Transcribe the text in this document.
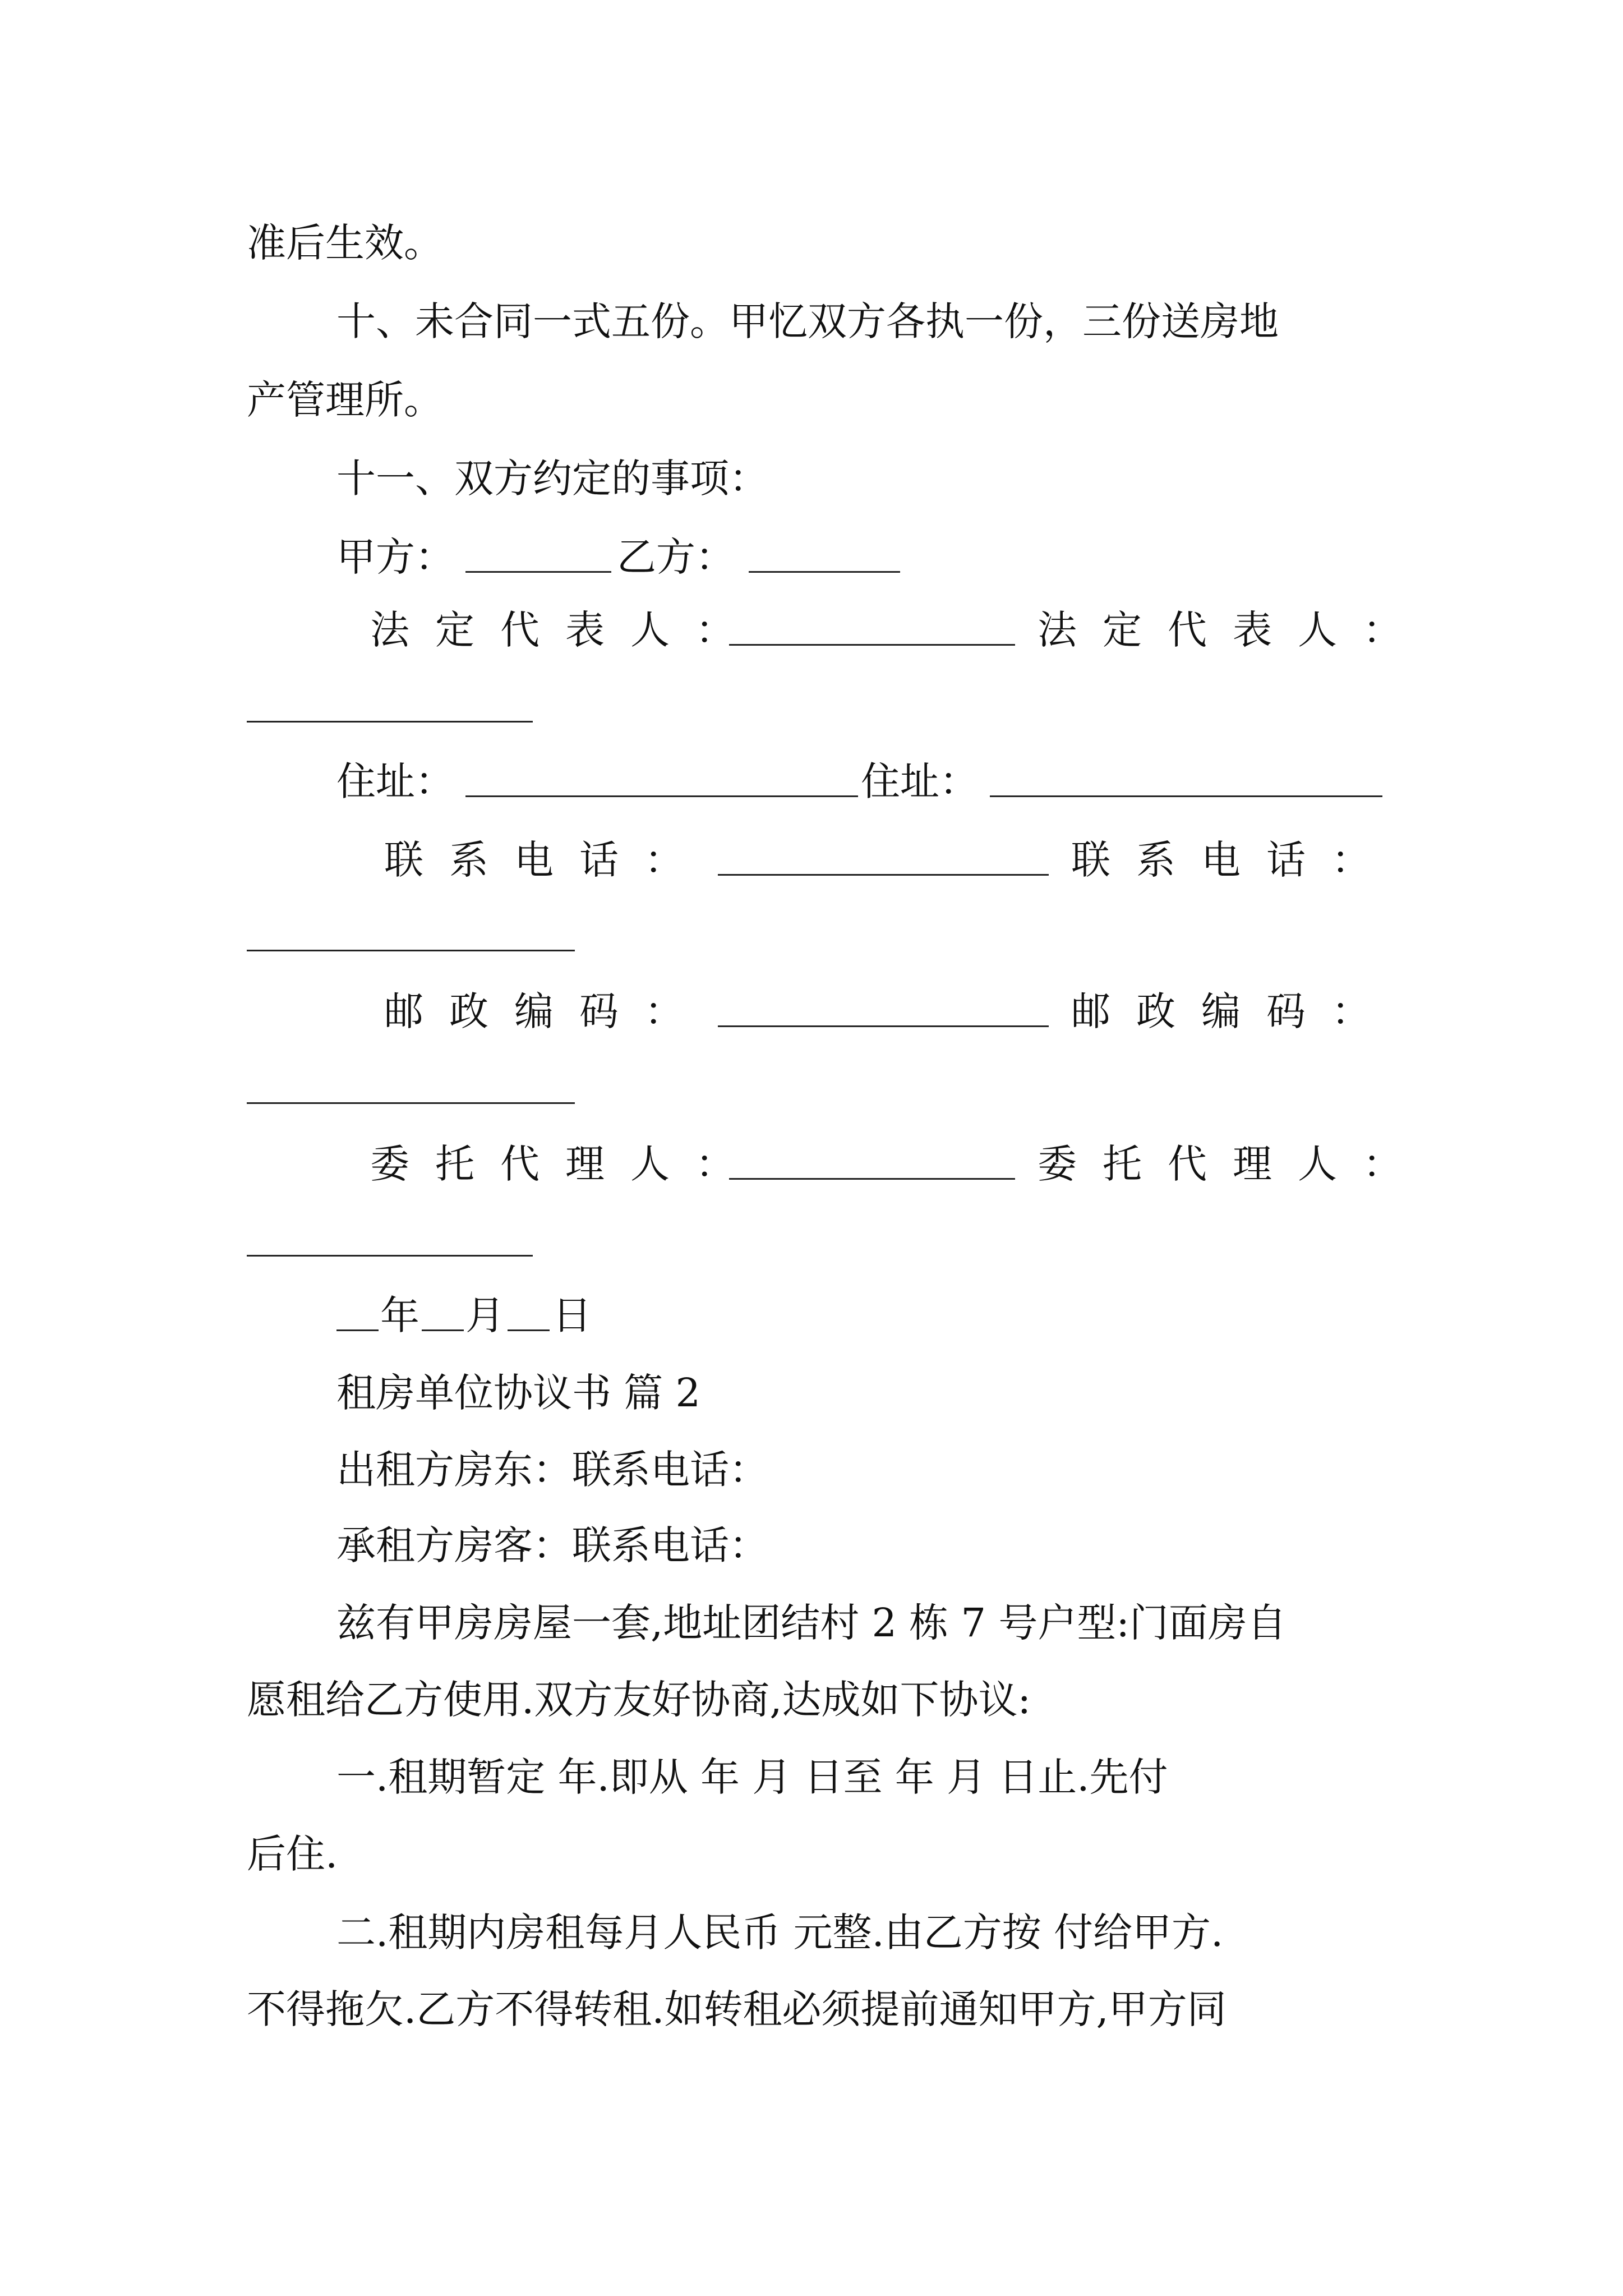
准后生效。
十、未合同一式五份。甲忆双方各执一份，三份送房地
产管理所。
十一、双方约定的事项：
甲方：	乙方：
法定代表人：	法定代表人：
住址：	住址：
联系电话：	联系电话：
邮政编码：	邮政编码：
委托代理人：	委托代理人：
年 月 日
租房单位协议书 篇 2
出租方房东：联系电话：
承租方房客：联系电话：
兹有甲房房屋一套,地址团结村 2 栋 7 号户型:门面房自
愿租给乙方使用.双方友好协商,达成如下协议:
一.租期暂定 年.即从 年 月 日至 年 月 日止.先付
后住.
二.租期内房租每月人民币 元整.由乙方按 付给甲方.
不得拖欠.乙方不得转租.如转租必须提前通知甲方,甲方同
